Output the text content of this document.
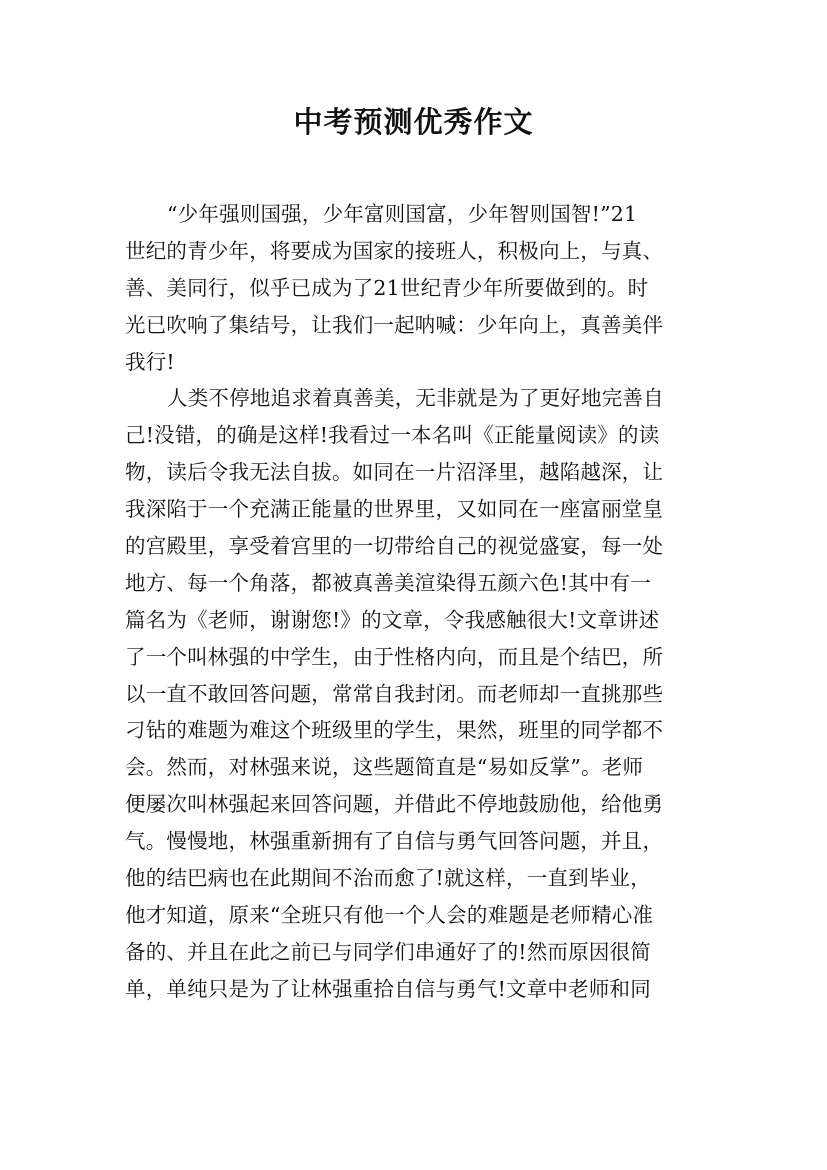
中考预测优秀作文
“少年强则国强，少年富则国富，少年智则国智!”21
世纪的青少年，将要成为国家的接班人，积极向上，与真、
善、美同行，似乎已成为了21世纪青少年所要做到的。时
光已吹响了集结号，让我们一起呐喊：少年向上，真善美伴
我行!
人类不停地追求着真善美，无非就是为了更好地完善自
己!没错，的确是这样!我看过一本名叫《正能量阅读》的读
物，读后令我无法自拔。如同在一片沼泽里，越陷越深，让
我深陷于一个充满正能量的世界里，又如同在一座富丽堂皇
的宫殿里，享受着宫里的一切带给自己的视觉盛宴，每一处
地方、每一个角落，都被真善美渲染得五颜六色!其中有一
篇名为《老师，谢谢您!》的文章，令我感触很大!文章讲述
了一个叫林强的中学生，由于性格内向，而且是个结巴，所
以一直不敢回答问题，常常自我封闭。而老师却一直挑那些
刁钻的难题为难这个班级里的学生，果然，班里的同学都不
会。然而，对林强来说，这些题简直是“易如反掌”。老师
便屡次叫林强起来回答问题，并借此不停地鼓励他，给他勇
气。慢慢地，林强重新拥有了自信与勇气回答问题，并且，
他的结巴病也在此期间不治而愈了!就这样，一直到毕业，
他才知道，原来“全班只有他一个人会的难题是老师精心准
备的、并且在此之前已与同学们串通好了的!然而原因很简
单，单纯只是为了让林强重拾自信与勇气!文章中老师和同
